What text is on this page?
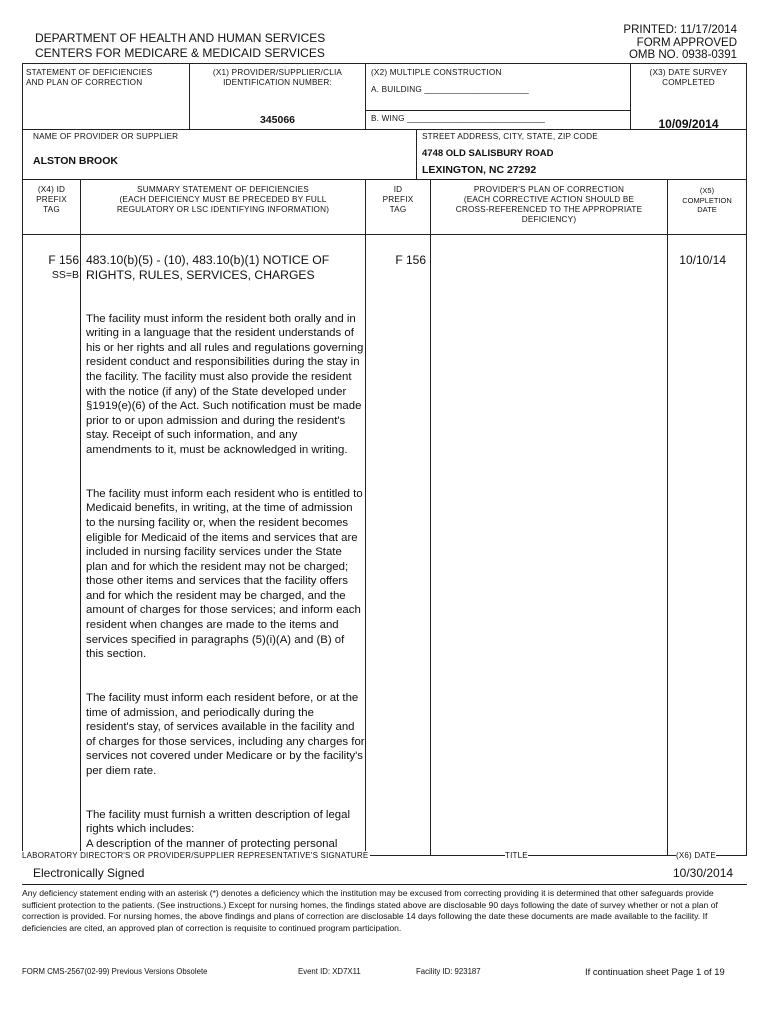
DEPARTMENT OF HEALTH AND HUMAN SERVICES
CENTERS FOR MEDICARE & MEDICAID SERVICES
PRINTED: 11/17/2014
FORM APPROVED
OMB NO. 0938-0391
STATEMENT OF DEFICIENCIES
AND PLAN OF CORRECTION
(X1) PROVIDER/SUPPLIER/CLIA
IDENTIFICATION NUMBER:
345066
(X2) MULTIPLE CONSTRUCTION
A. BUILDING ______________________
B. WING _____________________________
(X3) DATE SURVEY
COMPLETED
10/09/2014
NAME OF PROVIDER OR SUPPLIER
ALSTON BROOK
STREET ADDRESS, CITY, STATE, ZIP CODE
4748 OLD SALISBURY ROAD
LEXINGTON, NC 27292
(X4) ID
PREFIX
TAG
SUMMARY STATEMENT OF DEFICIENCIES
(EACH DEFICIENCY MUST BE PRECEDED BY FULL
REGULATORY OR LSC IDENTIFYING INFORMATION)
ID
PREFIX
TAG
PROVIDER'S PLAN OF CORRECTION
(EACH CORRECTIVE ACTION SHOULD BE
CROSS-REFERENCED TO THE APPROPRIATE
DEFICIENCY)
(X5)
COMPLETION
DATE
F 156
SS=B
483.10(b)(5) - (10), 483.10(b)(1) NOTICE OF
RIGHTS, RULES, SERVICES, CHARGES
F 156	10/10/14

The facility must inform the resident both orally and in writing in a language that the resident understands of his or her rights and all rules and regulations governing resident conduct and responsibilities during the stay in the facility. The facility must also provide the resident with the notice (if any) of the State developed under §1919(e)(6) of the Act. Such notification must be made prior to or upon admission and during the resident's stay. Receipt of such information, and any amendments to it, must be acknowledged in writing.

The facility must inform each resident who is entitled to Medicaid benefits, in writing, at the time of admission to the nursing facility or, when the resident becomes eligible for Medicaid of the items and services that are included in nursing facility services under the State plan and for which the resident may not be charged; those other items and services that the facility offers and for which the resident may be charged, and the amount of charges for those services; and inform each resident when changes are made to the items and services specified in paragraphs (5)(i)(A) and (B) of this section.

The facility must inform each resident before, or at the time of admission, and periodically during the resident's stay, of services available in the facility and of charges for those services, including any charges for services not covered under Medicare or by the facility's per diem rate.

The facility must furnish a written description of legal rights which includes:
A description of the manner of protecting personal

LABORATORY DIRECTOR'S OR PROVIDER/SUPPLIER REPRESENTATIVE'S SIGNATURE	TITLE	(X6) DATE
Electronically Signed	10/30/2014
Any deficiency statement ending with an asterisk (*) denotes a deficiency which the institution may be excused from correcting providing it is determined that other safeguards provide sufficient protection to the patients. (See instructions.) Except for nursing homes, the findings stated above are disclosable 90 days following the date of survey whether or not a plan of correction is provided. For nursing homes, the above findings and plans of correction are disclosable 14 days following the date these documents are made available to the facility. If deficiencies are cited, an approved plan of correction is requisite to continued program participation.
FORM CMS-2567(02-99) Previous Versions Obsolete	Event ID: XD7X11	Facility ID: 923187	If continuation sheet Page 1 of 19
